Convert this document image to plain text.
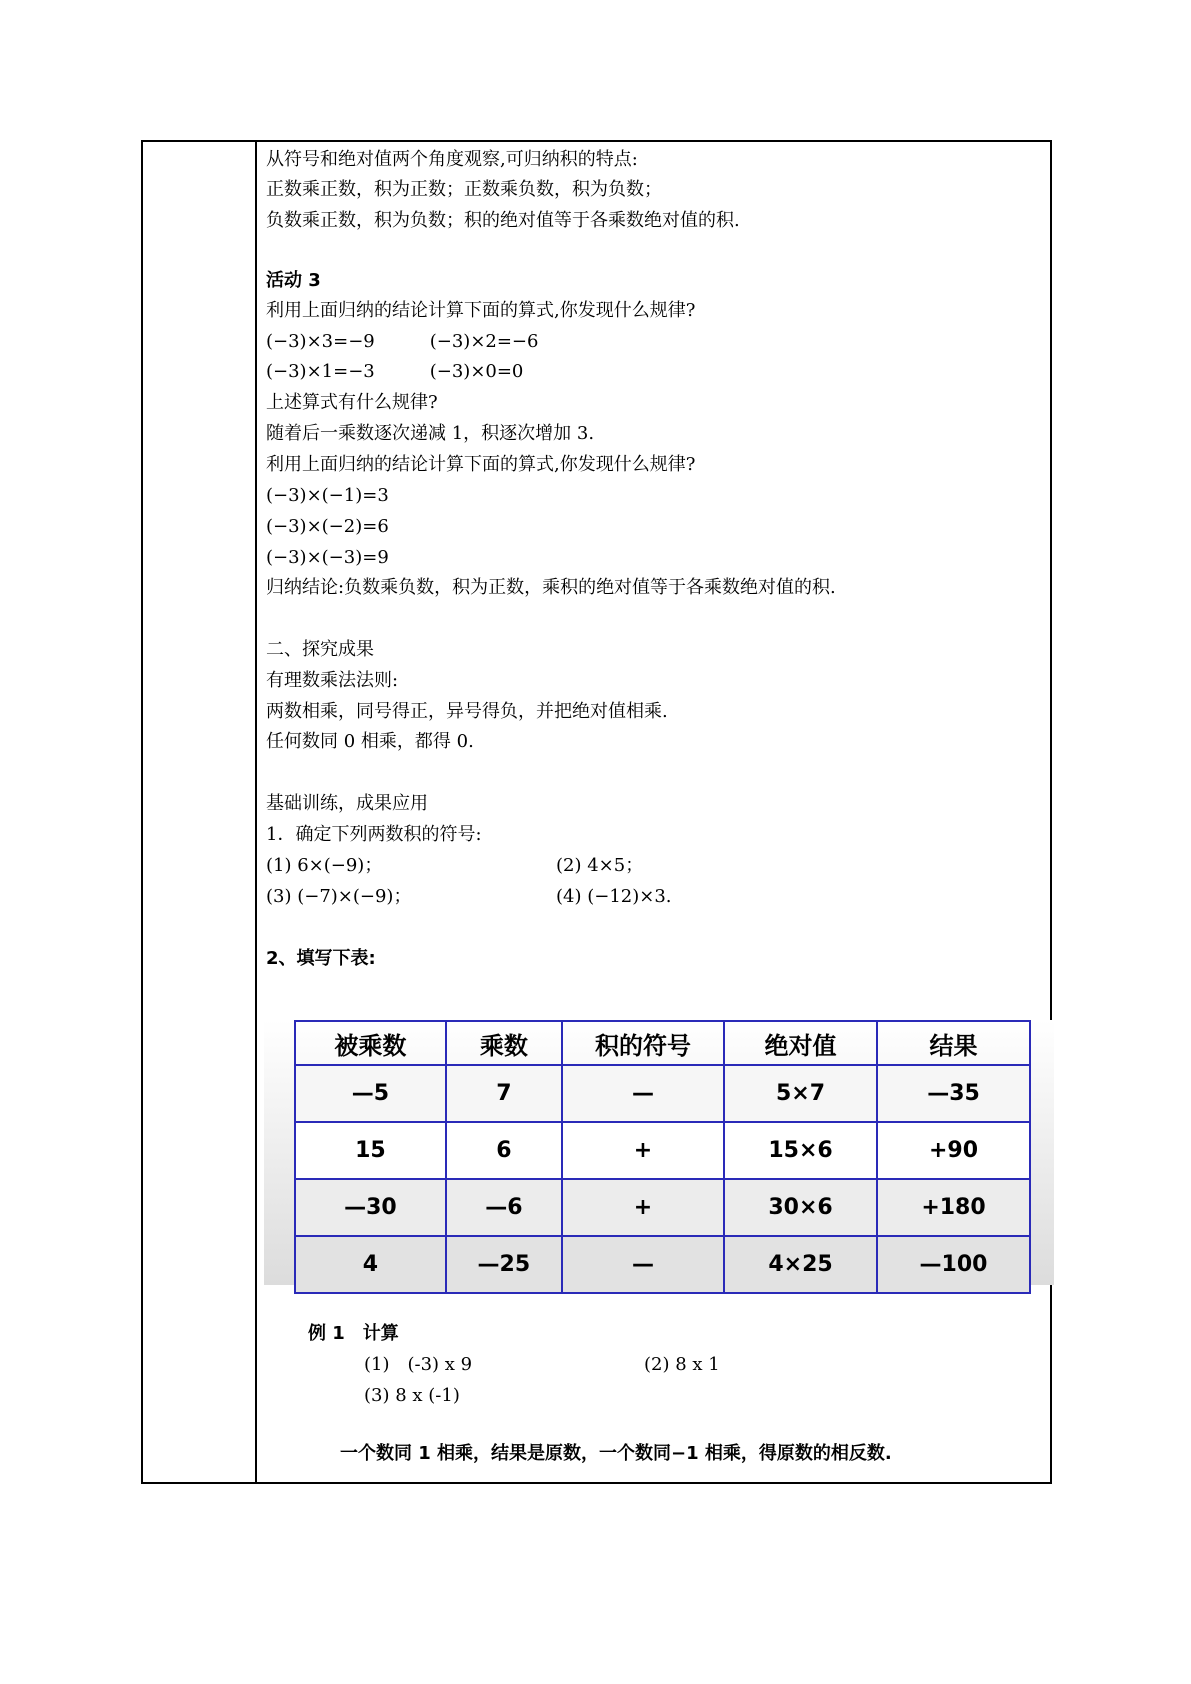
从符号和绝对值两个角度观察,可归纳积的特点:
正数乘正数，积为正数；正数乘负数，积为负数；
负数乘正数，积为负数；积的绝对值等于各乘数绝对值的积.
活动 3
利用上面归纳的结论计算下面的算式,你发现什么规律?
(−3)×3=−9	(−3)×2=−6
(−3)×1=−3	(−3)×0=0
上述算式有什么规律?
随着后一乘数逐次递减 1，积逐次增加 3.
利用上面归纳的结论计算下面的算式,你发现什么规律?
(−3)×(−1)=3
(−3)×(−2)=6
(−3)×(−3)=9
归纳结论:负数乘负数，积为正数，乘积的绝对值等于各乘数绝对值的积.
二、探究成果
有理数乘法法则:
两数相乘，同号得正，异号得负，并把绝对值相乘.
任何数同 0 相乘，都得 0.
基础训练，成果应用
1．确定下列两数积的符号:
(1) 6×(−9)；	(2) 4×5；
(3) (−7)×(−9)；	(4) (−12)×3.
2、填写下表:
例 1　计算
(1)　(-3) x 9	(2) 8 x 1
(3) 8 x (-1)
一个数同 1 相乘，结果是原数，一个数同−1 相乘，得原数的相反数.
被乘数	乘数	积的符号	绝对值	结果
—5	7	—	5×7	—35
15	6	+	15×6	+90
—30	—6	+	30×6	+180
4	—25	—	4×25	—100
